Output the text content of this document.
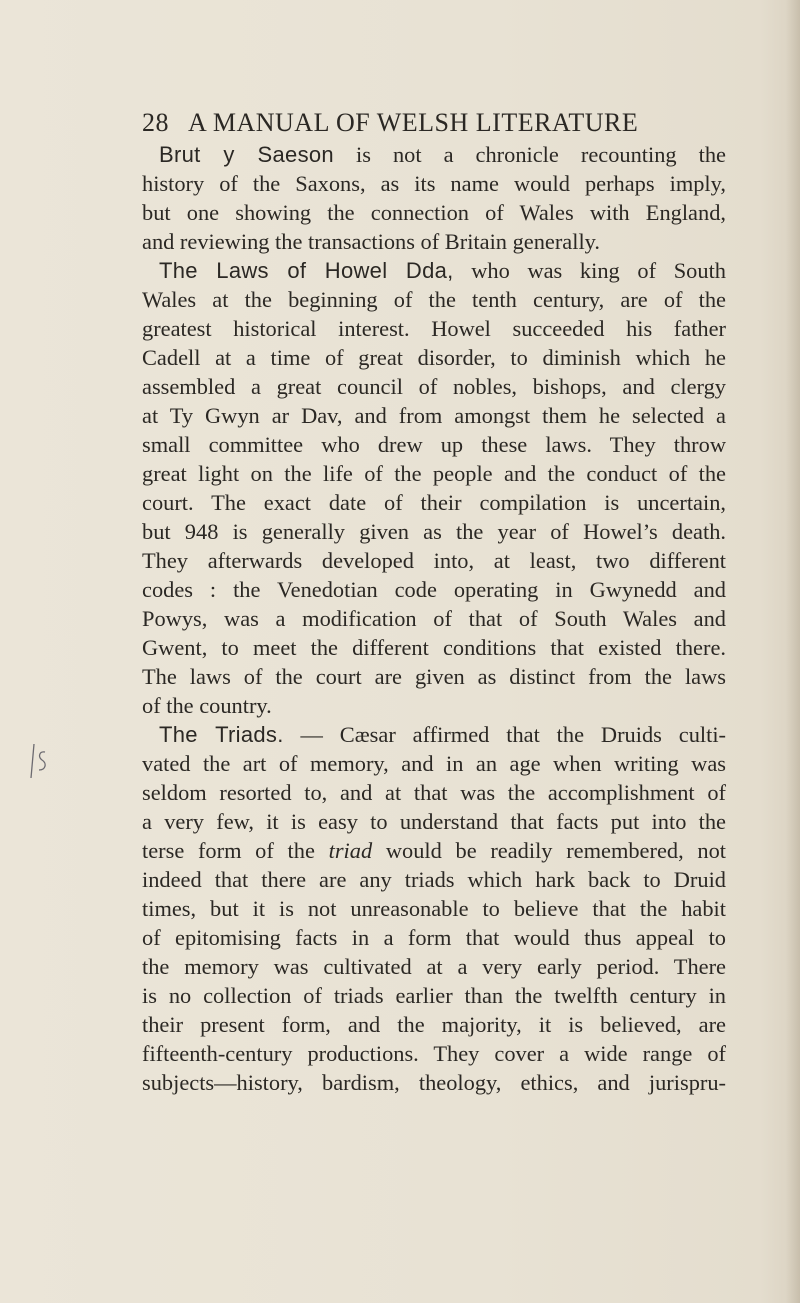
28 A MANUAL OF WELSH LITERATURE
Brut y Saeson is not a chronicle recounting the
history of the Saxons, as its name would perhaps imply,
but one showing the connection of Wales with England,
and reviewing the transactions of Britain generally.
The Laws of Howel Dda, who was king of South
Wales at the beginning of the tenth century, are of the
greatest historical interest. Howel succeeded his father
Cadell at a time of great disorder, to diminish which he
assembled a great council of nobles, bishops, and clergy
at Ty Gwyn ar Dav, and from amongst them he selected a
small committee who drew up these laws. They throw
great light on the life of the people and the conduct of the
court. The exact date of their compilation is uncertain,
but 948 is generally given as the year of Howel’s death.
They afterwards developed into, at least, two different
codes : the Venedotian code operating in Gwynedd and
Powys, was a modification of that of South Wales and
Gwent, to meet the different conditions that existed there.
The laws of the court are given as distinct from the laws
of the country.
The Triads. — Cæsar affirmed that the Druids culti-
vated the art of memory, and in an age when writing was
seldom resorted to, and at that was the accomplishment of
a very few, it is easy to understand that facts put into the
terse form of the triad would be readily remembered, not
indeed that there are any triads which hark back to Druid
times, but it is not unreasonable to believe that the habit
of epitomising facts in a form that would thus appeal to
the memory was cultivated at a very early period. There
is no collection of triads earlier than the twelfth century in
their present form, and the majority, it is believed, are
fifteenth-century productions. They cover a wide range of
subjects—history, bardism, theology, ethics, and jurispru-
